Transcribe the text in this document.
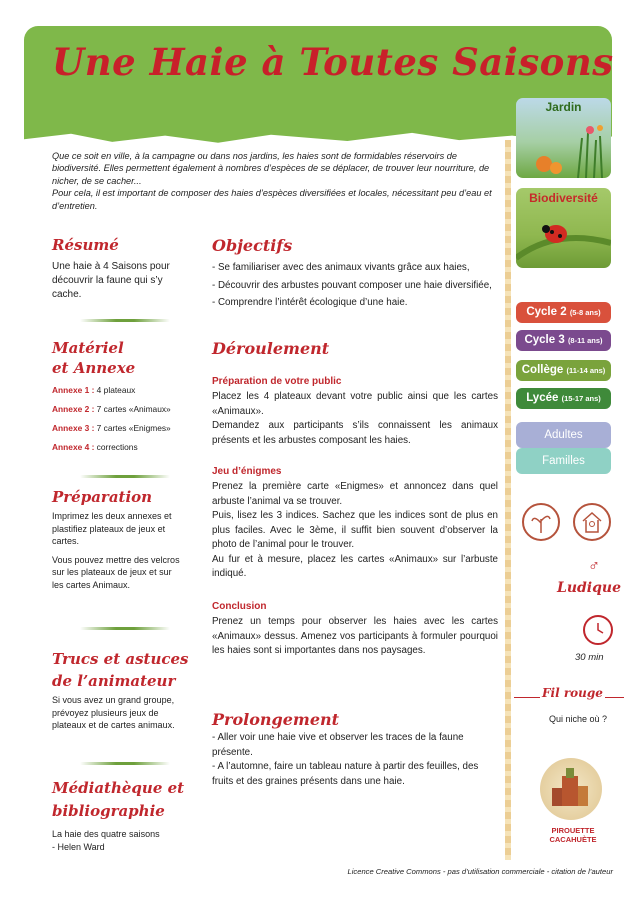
Une Haie à Toutes Saisons

Que ce soit en ville, à la campagne ou dans nos jardins, les haies sont de formidables réservoirs de biodiversité. Elles permettent également à nombres d’espèces de se déplacer, de trouver leur nourriture, de nicher, de se cacher...

Pour cela, il est important de composer des haies d’espèces diversifiées et locales, nécessitant peu d’eau et d’entretien.

Résumé
Une haie à 4 Saisons pour découvrir la faune qui s’y cache.
Matériel
et Annexe
Annexe 1 : 4 plateaux
Annexe 2 : 7 cartes «Animaux»
Annexe 3 : 7 cartes «Enigmes»
Annexe 4 : corrections
Préparation

Imprimez les deux annexes et plastifiez plateaux de jeux et cartes.

Vous pouvez mettre des velcros sur les plateaux de jeux et sur les cartes Animaux.

Trucs et astuces
de l’animateur
Si vous avez un grand groupe, prévoyez plusieurs jeux de plateaux et de cartes animaux.
Médiathèque et
bibliographie
La haie des quatre saisons
- Helen Ward
Objectifs

- Se familiariser avec des animaux vivants grâce aux haies,

- Découvrir des arbustes pouvant composer une haie diversifiée,

- Comprendre l’intérêt écologique d’une haie.

Déroulement
Préparation de votre public

Placez les 4 plateaux devant votre public ainsi que les cartes «Animaux».

Demandez aux participants s’ils connaissent les animaux présents et les arbustes composant les haies.

Jeu d’énigmes

Prenez la première carte «Enigmes» et annoncez dans quel arbuste l’animal va se trouver.

Puis, lisez les 3 indices. Sachez que les indices sont de plus en plus faciles. Avec le 3ème, il suffit bien souvent d’observer la photo de l’animal pour le trouver.

Au fur et à mesure, placez les cartes «Animaux» sur l’arbuste indiqué.

Conclusion
Prenez un temps pour observer les haies avec les cartes «Animaux» dessus. Amenez vos participants à formuler pourquoi les haies sont si importantes dans nos paysages.
Prolongement

- Aller voir une haie vive et observer les traces de la faune présente.

- A l’automne, faire un tableau nature à partir des feuilles, des fruits et des graines présents dans une haie.

Jardin
Biodiversité
Cycle 2 (5-8 ans)
Cycle 3 (8-11 ans)
Collège (11-14 ans)
Lycée (15-17 ans)
Adultes
Familles
♂
Ludique
30 min
Fil rouge
Qui niche où ?
PIROUETTE
CACAHUÈTE
Licence Creative Commons - pas d’utilisation commerciale - citation de l’auteur
